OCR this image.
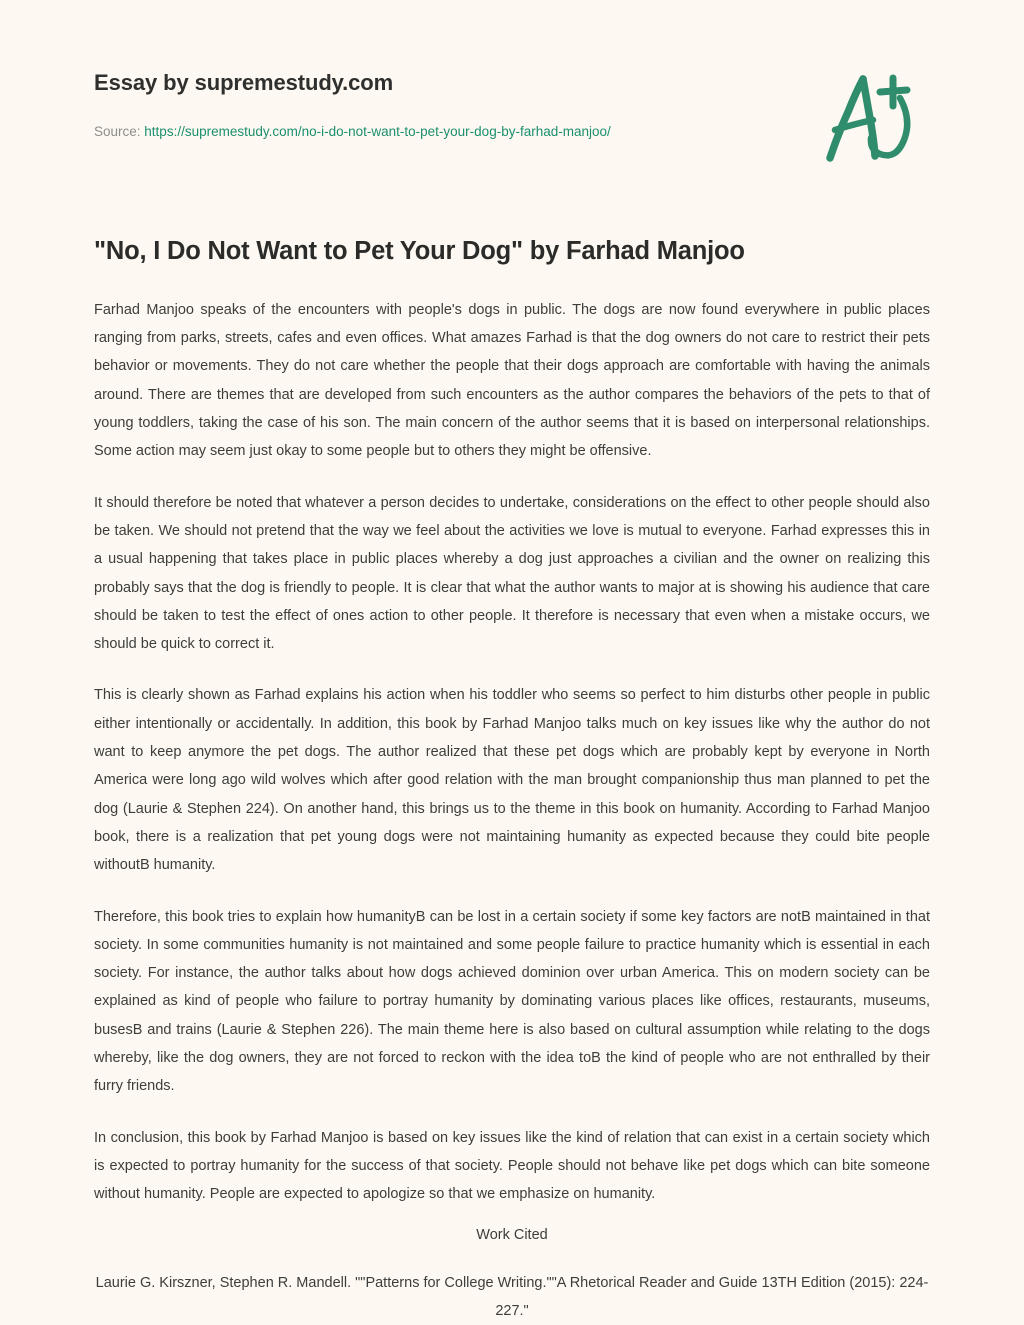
Essay by supremestudy.com
Source: https://supremestudy.com/no-i-do-not-want-to-pet-your-dog-by-farhad-manjoo/
"No, I Do Not Want to Pet Your Dog" by Farhad Manjoo

Farhad Manjoo speaks of the encounters with people's dogs in public. The dogs are now found everywhere in public places ranging from parks, streets, cafes and even offices. What amazes Farhad is that the dog owners do not care to restrict their pets behavior or movements. They do not care whether the people that their dogs approach are comfortable with having the animals around. There are themes that are developed from such encounters as the author compares the behaviors of the pets to that of young toddlers, taking the case of his son. The main concern of the author seems that it is based on interpersonal relationships. Some action may seem just okay to some people but to others they might be offensive.

It should therefore be noted that whatever a person decides to undertake, considerations on the effect to other people should also be taken. We should not pretend that the way we feel about the activities we love is mutual to everyone. Farhad expresses this in a usual happening that takes place in public places whereby a dog just approaches a civilian and the owner on realizing this probably says that the dog is friendly to people. It is clear that what the author wants to major at is showing his audience that care should be taken to test the effect of ones action to other people. It therefore is necessary that even when a mistake occurs, we should be quick to correct it.

This is clearly shown as Farhad explains his action when his toddler who seems so perfect to him disturbs other people in public either intentionally or accidentally. In addition, this book by Farhad Manjoo talks much on key issues like why the author do not want to keep anymore the pet dogs. The author realized that these pet dogs which are probably kept by everyone in North America were long ago wild wolves which after good relation with the man brought companionship thus man planned to pet the dog (Laurie & Stephen 224). On another hand, this brings us to the theme in this book on humanity. According to Farhad Manjoo book, there is a realization that pet young dogs were not maintaining humanity as expected because they could bite people withoutB humanity.

Therefore, this book tries to explain how humanityB can be lost in a certain society if some key factors are notB maintained in that society. In some communities humanity is not maintained and some people failure to practice humanity which is essential in each society. For instance, the author talks about how dogs achieved dominion over urban America. This on modern society can be explained as kind of people who failure to portray humanity by dominating various places like offices, restaurants, museums, busesB and trains (Laurie & Stephen 226). The main theme here is also based on cultural assumption while relating to the dogs whereby, like the dog owners, they are not forced to reckon with the idea toB the kind of people who are not enthralled by their furry friends.

In conclusion, this book by Farhad Manjoo is based on key issues like the kind of relation that can exist in a certain society which is expected to portray humanity for the success of that society. People should not behave like pet dogs which can bite someone without humanity. People are expected to apologize so that we emphasize on humanity.

Work Cited
Laurie G. Kirszner, Stephen R. Mandell. ""Patterns for College Writing.""A Rhetorical Reader and Guide 13TH Edition (2015): 224-227."
